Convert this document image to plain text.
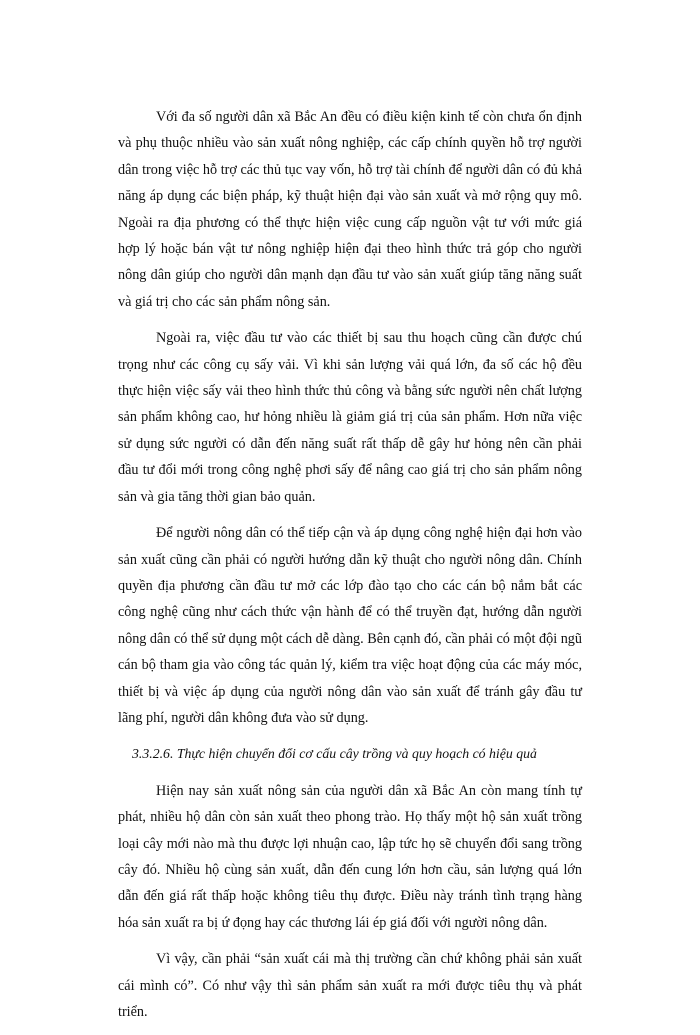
Với đa số người dân xã Bắc An đều có điều kiện kinh tế còn chưa ổn định và phụ thuộc nhiều vào sản xuất nông nghiệp, các cấp chính quyền hỗ trợ người dân trong việc hỗ trợ các thủ tục vay vốn, hỗ trợ tài chính để người dân có đủ khả năng áp dụng các biện pháp, kỹ thuật hiện đại vào sản xuất và mở rộng quy mô. Ngoài ra địa phương có thể thực hiện việc cung cấp nguồn vật tư với mức giá hợp lý hoặc bán vật tư nông nghiệp hiện đại theo hình thức trả góp cho người nông dân giúp cho người dân mạnh dạn đầu tư vào sản xuất giúp tăng năng suất và giá trị cho các sản phẩm nông sản.

Ngoài ra, việc đầu tư vào các thiết bị sau thu hoạch cũng cần được chú trọng như các công cụ sấy vải. Vì khi sản lượng vải quá lớn, đa số các hộ đều thực hiện việc sấy vải theo hình thức thủ công và bằng sức người nên chất lượng sản phẩm không cao, hư hỏng nhiều là giảm giá trị của sản phẩm. Hơn nữa việc sử dụng sức người có dẫn đến năng suất rất thấp dễ gây hư hỏng nên cần phải đầu tư đổi mới trong công nghệ phơi sấy để nâng cao giá trị cho sản phẩm nông sản và gia tăng thời gian bảo quản.

Để người nông dân có thể tiếp cận và áp dụng công nghệ hiện đại hơn vào sản xuất cũng cần phải có người hướng dẫn kỹ thuật cho người nông dân. Chính quyền địa phương cần đầu tư mở các lớp đào tạo cho các cán bộ nắm bắt các công nghệ cũng như cách thức vận hành để có thể truyền đạt, hướng dẫn người nông dân có thể sử dụng một cách dễ dàng. Bên cạnh đó, cần phải có một đội ngũ cán bộ tham gia vào công tác quản lý, kiểm tra việc hoạt động của các máy móc, thiết bị và việc áp dụng của người nông dân vào sản xuất để tránh gây đầu tư lãng phí, người dân không đưa vào sử dụng.

3.3.2.6. Thực hiện chuyển đổi cơ cấu cây trồng và quy hoạch có hiệu quả

Hiện nay sản xuất nông sản của người dân xã Bắc An còn mang tính tự phát, nhiều hộ dân còn sản xuất theo phong trào. Họ thấy một hộ sản xuất trồng loại cây mới nào mà thu được lợi nhuận cao, lập tức họ sẽ chuyển đổi sang trồng cây đó. Nhiều hộ cùng sản xuất, dẫn đến cung lớn hơn cầu, sản lượng quá lớn dẫn đến giá rất thấp hoặc không tiêu thụ được. Điều này tránh tình trạng hàng hóa sản xuất ra bị ứ đọng hay các thương lái ép giá đối với người nông dân.

Vì vậy, cần phải “sản xuất cái mà thị trường cần chứ không phải sản xuất cái mình có”. Có như vậy thì sản phẩm sản xuất ra mới được tiêu thụ và phát triển.
